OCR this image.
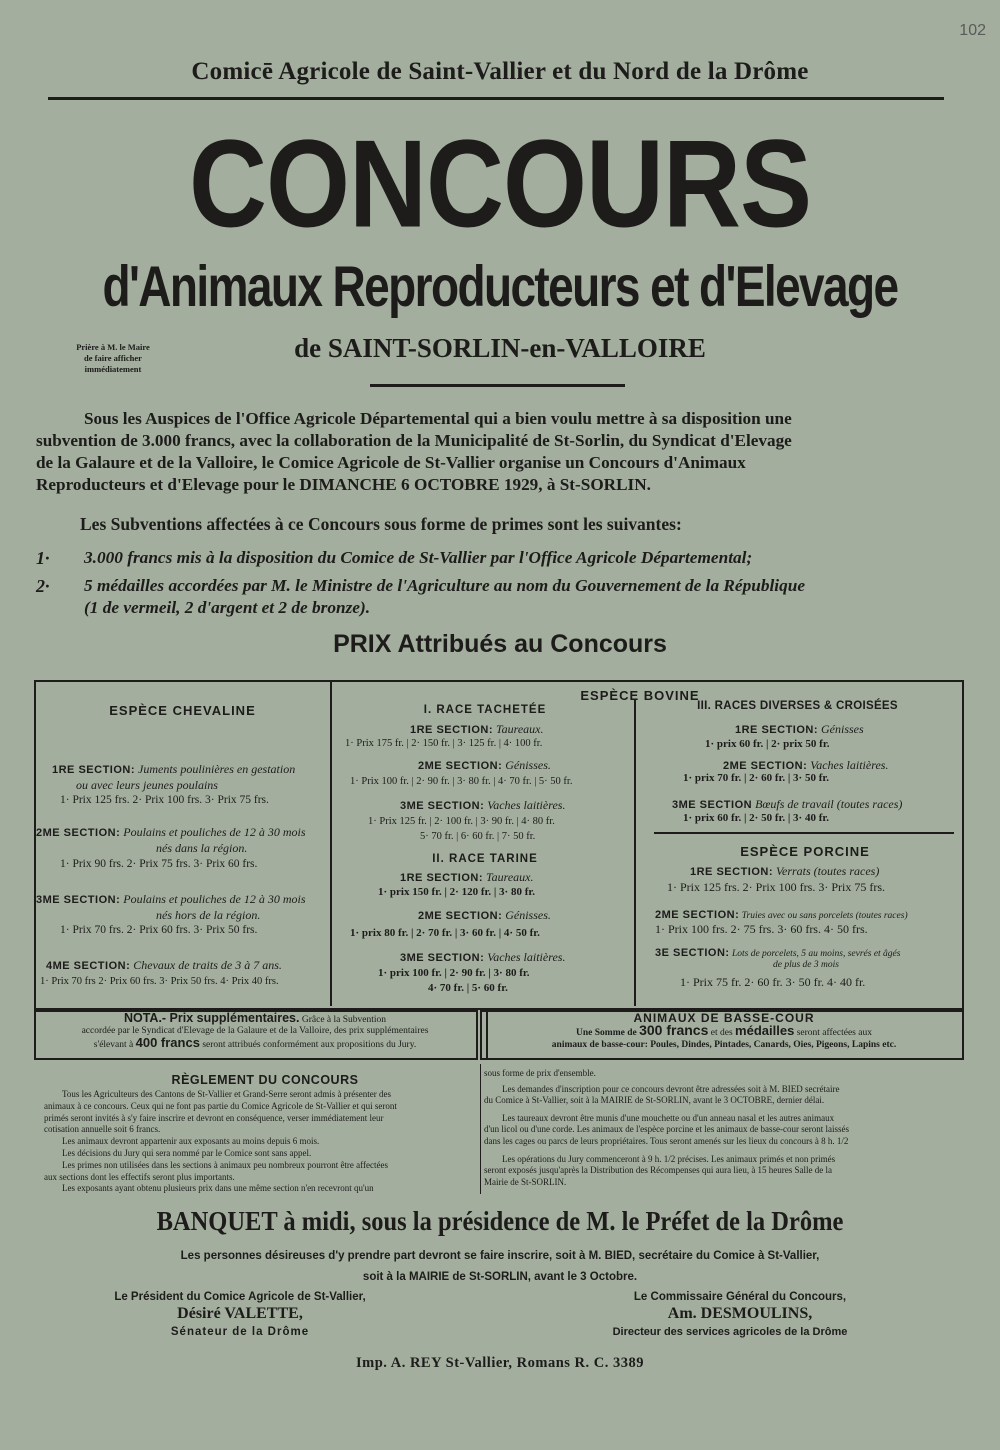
102
Comicē Agricole de Saint-Vallier et du Nord de la Drôme
CONCOURS
d'Animaux Reproducteurs et d'Elevage
Prière à M. le Maire
de faire afficher
immédiatement
de SAINT-SORLIN-en-VALLOIRE
Sous les Auspices de l'Office Agricole Départemental qui a bien voulu mettre à sa disposition une
subvention de 3.000 francs, avec la collaboration de la Municipalité de St-Sorlin, du Syndicat d'Elevage
de la Galaure et de la Valloire, le Comice Agricole de St-Vallier organise un Concours d'Animaux
Reproducteurs et d'Elevage pour le DIMANCHE 6 OCTOBRE 1929, à St-SORLIN.
Les Subventions affectées à ce Concours sous forme de primes sont les suivantes:
1· 3.000 francs mis à la disposition du Comice de St-Vallier par l'Office Agricole Départemental;
2· 5 médailles accordées par M. le Ministre de l'Agriculture au nom du Gouvernement de la République
(1 de vermeil, 2 d'argent et 2 de bronze).
PRIX Attribués au Concours
ESPÈCE CHEVALINE
1RE SECTION: Juments poulinières en gestation
ou avec leurs jeunes poulains
1· Prix 125 frs. 2· Prix 100 frs. 3· Prix 75 frs.
2ME SECTION: Poulains et pouliches de 12 à 30 mois
nés dans la région.
1· Prix 90 frs. 2· Prix 75 frs. 3· Prix 60 frs.
3ME SECTION: Poulains et pouliches de 12 à 30 mois
nés hors de la région.
1· Prix 70 frs. 2· Prix 60 frs. 3· Prix 50 frs.
4ME SECTION: Chevaux de traits de 3 à 7 ans.
1· Prix 70 frs 2· Prix 60 frs. 3· Prix 50 frs. 4· Prix 40 frs.
ESPÈCE BOVINE
I. RACE TACHETÉE
1RE SECTION: Taureaux.
1· Prix 175 fr. | 2· 150 fr. | 3· 125 fr. | 4· 100 fr.
2ME SECTION: Génisses.
1· Prix 100 fr. | 2· 90 fr. | 3· 80 fr. | 4· 70 fr. | 5· 50 fr.
3ME SECTION: Vaches laitières.
1· Prix 125 fr. | 2· 100 fr. | 3· 90 fr. | 4· 80 fr.
5· 70 fr. | 6· 60 fr. | 7· 50 fr.
II. RACE TARINE
1RE SECTION: Taureaux.
1· prix 150 fr. | 2· 120 fr. | 3· 80 fr.
2ME SECTION: Génisses.
1· prix 80 fr. | 2· 70 fr. | 3· 60 fr. | 4· 50 fr.
3ME SECTION: Vaches laitières.
1· prix 100 fr. | 2· 90 fr. | 3· 80 fr.
4· 70 fr. | 5· 60 fr.
III. RACES DIVERSES & CROISÉES
1RE SECTION: Génisses
1· prix 60 fr. | 2· prix 50 fr.
2ME SECTION: Vaches laitières.
1· prix 70 fr. | 2· 60 fr. | 3· 50 fr.
3ME SECTION Bœufs de travail (toutes races)
1· prix 60 fr. | 2· 50 fr. | 3· 40 fr.
ESPÈCE PORCINE
1RE SECTION: Verrats (toutes races)
1· Prix 125 frs. 2· Prix 100 frs. 3· Prix 75 frs.
2ME SECTION: Truies avec ou sans porcelets (toutes races)
1· Prix 100 frs. 2· 75 frs. 3· 60 frs. 4· 50 frs.
3E SECTION: Lots de porcelets, 5 au moins, sevrés et âgés
de plus de 3 mois
1· Prix 75 fr. 2· 60 fr. 3· 50 fr. 4· 40 fr.
NOTA.- Prix supplémentaires. Grâce à la Subvention
accordée par le Syndicat d'Elevage de la Galaure et de la Valloire, des prix supplémentaires
s'élevant à 400 francs seront attribués conformément aux propositions du Jury.
ANIMAUX DE BASSE-COUR
Une Somme de 300 francs et des médailles seront affectées aux
animaux de basse-cour: Poules, Dindes, Pintades, Canards, Oies, Pigeons, Lapins etc.
RÈGLEMENT DU CONCOURS
Tous les Agriculteurs des Cantons de St-Vallier et Grand-Serre seront admis à présenter des
animaux à ce concours. Ceux qui ne font pas partie du Comice Agricole de St-Vallier et qui seront
primés seront invités à s'y faire inscrire et devront en conséquence, verser immédiatement leur
cotisation annuelle soit 6 francs.
Les animaux devront appartenir aux exposants au moins depuis 6 mois.
Les décisions du Jury qui sera nommé par le Comice sont sans appel.
Les primes non utilisées dans les sections à animaux peu nombreux pourront être affectées
aux sections dont les effectifs seront plus importants.
Les exposants ayant obtenu plusieurs prix dans une même section n'en recevront qu'un
sous forme de prix d'ensemble.
Les demandes d'inscription pour ce concours devront être adressées soit à M. BIED secrétaire
du Comice à St-Vallier, soit à la MAIRIE de St-SORLIN, avant le 3 OCTOBRE, dernier délai.
Les taureaux devront être munis d'une mouchette ou d'un anneau nasal et les autres animaux
d'un licol ou d'une corde. Les animaux de l'espèce porcine et les animaux de basse-cour seront laissés
dans les cages ou parcs de leurs propriétaires. Tous seront amenés sur les lieux du concours à 8 h. 1/2
Les opérations du Jury commenceront à 9 h. 1/2 précises. Les animaux primés et non primés
seront exposés jusqu'après la Distribution des Récompenses qui aura lieu, à 15 heures Salle de la
Mairie de St-SORLIN.
BANQUET à midi, sous la présidence de M. le Préfet de la Drôme
Les personnes désireuses d'y prendre part devront se faire inscrire, soit à M. BIED, secrétaire du Comice à St-Vallier,
soit à la MAIRIE de St-SORLIN, avant le 3 Octobre.
Le Président du Comice Agricole de St-Vallier,
Désiré VALETTE,
Sénateur de la Drôme
Le Commissaire Général du Concours,
Am. DESMOULINS,
Directeur des services agricoles de la Drôme
Imp. A. REY St-Vallier, Romans R. C. 3389
